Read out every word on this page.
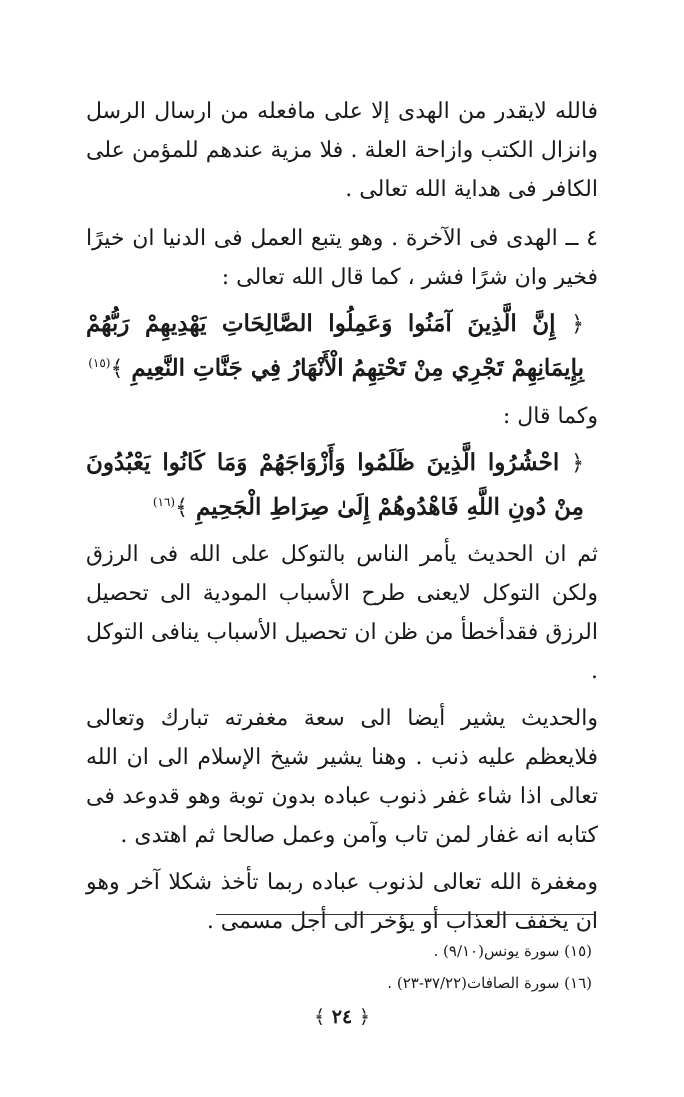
فالله لايقدر من الهدى إلا على مافعله من ارسال الرسل وانزال الكتب وازاحة العلة . فلا مزية عندهم للمؤمن على الكافر فى هداية الله تعالى .

٤ ــ الهدى فى الآخرة . وهو يتبع العمل فى الدنيا ان خيرًا فخير وان شرًا فشر ، كما قال الله تعالى :

﴿ إِنَّ الَّذِينَ آمَنُوا وَعَمِلُوا الصَّالِحَاتِ يَهْدِيهِمْ رَبُّهُمْ بِإِيمَانِهِمْ تَجْرِي مِنْ تَحْتِهِمُ الْأَنْهَارُ فِي جَنَّاتِ النَّعِيمِ ﴾$^{(١٥)}$

وكما قال :

﴿ احْشُرُوا الَّذِينَ ظَلَمُوا وَأَزْوَاجَهُمْ وَمَا كَانُوا يَعْبُدُونَ مِنْ دُونِ اللَّهِ فَاهْدُوهُمْ إِلَىٰ صِرَاطِ الْجَحِيمِ ﴾$^{(١٦)}$

ثم ان الحديث يأمر الناس بالتوكل على الله فى الرزق ولكن التوكل لايعنى طرح الأسباب المودية الى تحصيل الرزق فقدأخطأ من ظن ان تحصيل الأسباب ينافى التوكل .

والحديث يشير أيضا الى سعة مغفرته تبارك وتعالى فلايعظم عليه ذنب . وهنا يشير شيخ الإسلام الى ان الله تعالى اذا شاء غفر ذنوب عباده بدون توبة وهو قدوعد فى كتابه انه غفار لمن تاب وآمن وعمل صالحا ثم اهتدى .

ومغفرة الله تعالى لذنوب عباده ربما تأخذ شكلا آخر وهو ان يخفف العذاب أو يؤخر الى أجل مسمى .

(١٥) سورة يونس(٩/١٠) .

(١٦) سورة الصافات(٣٧/٢٢-٢٣) .

﴿ ٢٤ ﴾
